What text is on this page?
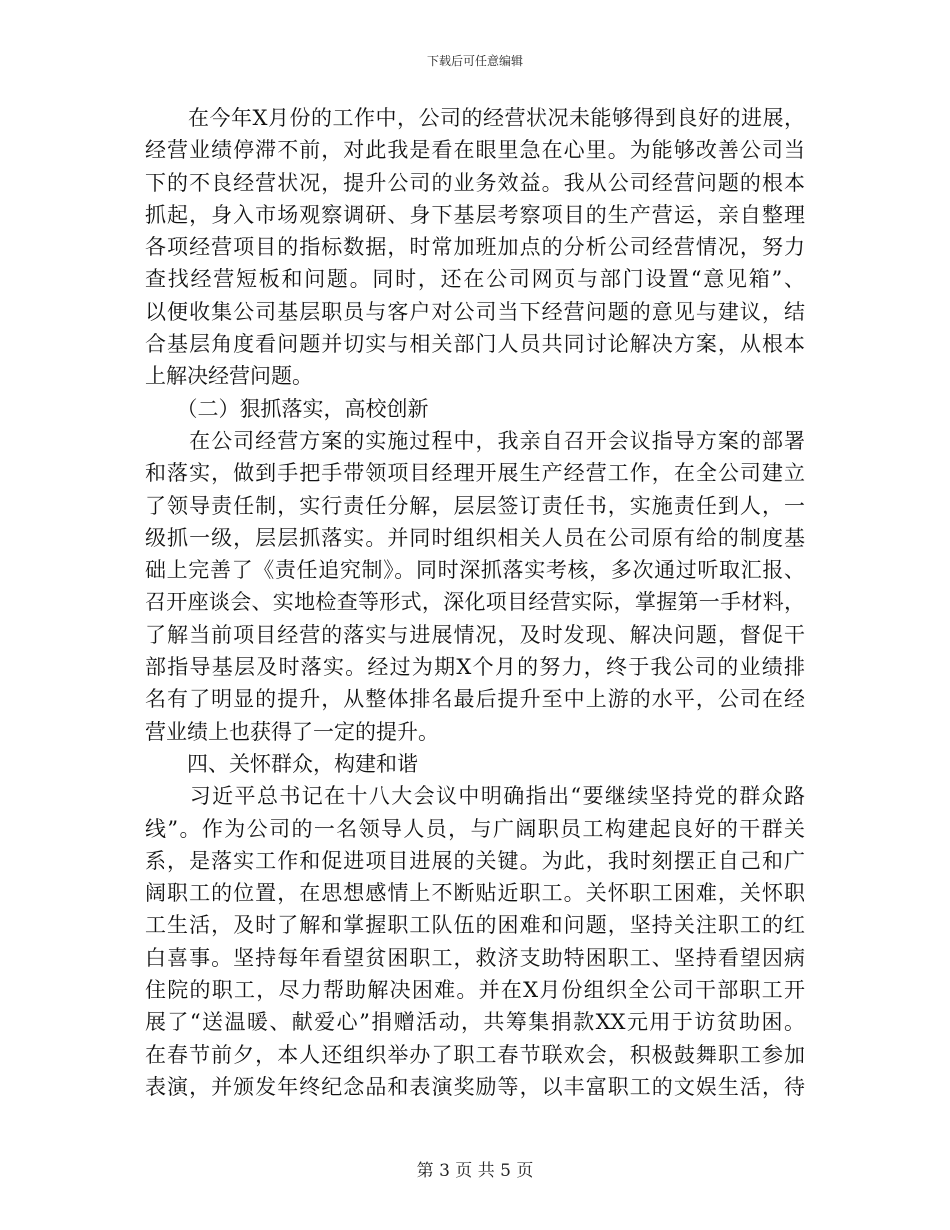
下载后可任意编辑
　　在今年X月份的工作中，公司的经营状况未能够得到良好的进展，
经营业绩停滞不前，对此我是看在眼里急在心里。为能够改善公司当
下的不良经营状况，提升公司的业务效益。我从公司经营问题的根本
抓起，身入市场观察调研、身下基层考察项目的生产营运，亲自整理
各项经营项目的指标数据，时常加班加点的分析公司经营情况，努力
查找经营短板和问题。同时，还在公司网页与部门设置“意见箱”、
以便收集公司基层职员与客户对公司当下经营问题的意见与建议，结
合基层角度看问题并切实与相关部门人员共同讨论解决方案，从根本
上解决经营问题。
　　（二）狠抓落实，高校创新
　　在公司经营方案的实施过程中，我亲自召开会议指导方案的部署
和落实，做到手把手带领项目经理开展生产经营工作，在全公司建立
了领导责任制，实行责任分解，层层签订责任书，实施责任到人，一
级抓一级，层层抓落实。并同时组织相关人员在公司原有给的制度基
础上完善了《责任追究制》。同时深抓落实考核，多次通过听取汇报、
召开座谈会、实地检查等形式，深化项目经营实际，掌握第一手材料，
了解当前项目经营的落实与进展情况，及时发现、解决问题，督促干
部指导基层及时落实。经过为期X个月的努力，终于我公司的业绩排
名有了明显的提升，从整体排名最后提升至中上游的水平，公司在经
营业绩上也获得了一定的提升。
　　四、关怀群众，构建和谐
　　习近平总书记在十八大会议中明确指出“要继续坚持党的群众路
线”。作为公司的一名领导人员，与广阔职员工构建起良好的干群关
系，是落实工作和促进项目进展的关键。为此，我时刻摆正自己和广
阔职工的位置，在思想感情上不断贴近职工。关怀职工困难，关怀职
工生活，及时了解和掌握职工队伍的困难和问题，坚持关注职工的红
白喜事。坚持每年看望贫困职工，救济支助特困职工、坚持看望因病
住院的职工，尽力帮助解决困难。并在X月份组织全公司干部职工开
展了“送温暖、献爱心”捐赠活动，共筹集捐款XX元用于访贫助困。
在春节前夕，本人还组织举办了职工春节联欢会，积极鼓舞职工参加
表演，并颁发年终纪念品和表演奖励等，以丰富职工的文娱生活，待
第 3 页 共 5 页
